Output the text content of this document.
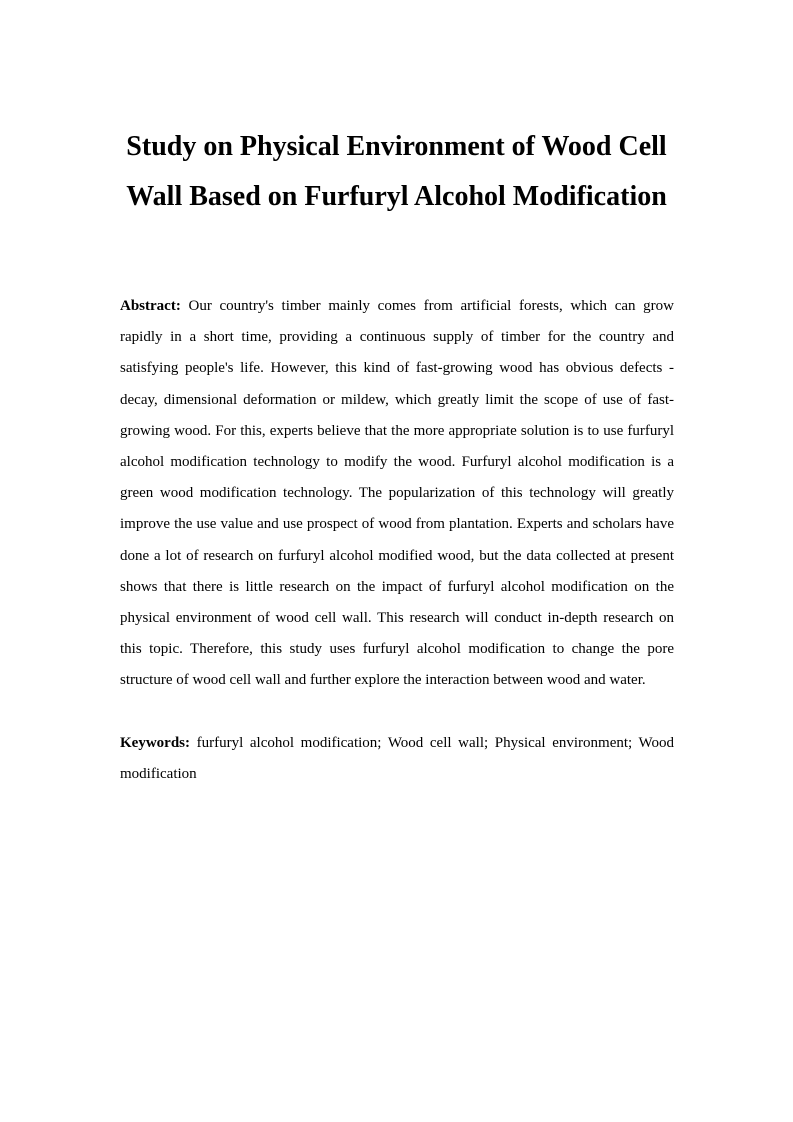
Study on Physical Environment of Wood Cell Wall Based on Furfuryl Alcohol Modification

Abstract: Our country's timber mainly comes from artificial forests, which can grow rapidly in a short time, providing a continuous supply of timber for the country and satisfying people's life. However, this kind of fast-growing wood has obvious defects - decay, dimensional deformation or mildew, which greatly limit the scope of use of fast-growing wood. For this, experts believe that the more appropriate solution is to use furfuryl alcohol modification technology to modify the wood. Furfuryl alcohol modification is a green wood modification technology. The popularization of this technology will greatly improve the use value and use prospect of wood from plantation. Experts and scholars have done a lot of research on furfuryl alcohol modified wood, but the data collected at present shows that there is little research on the impact of furfuryl alcohol modification on the physical environment of wood cell wall. This research will conduct in-depth research on this topic. Therefore, this study uses furfuryl alcohol modification to change the pore structure of wood cell wall and further explore the interaction between wood and water.

Keywords: furfuryl alcohol modification; Wood cell wall; Physical environment; Wood modification
